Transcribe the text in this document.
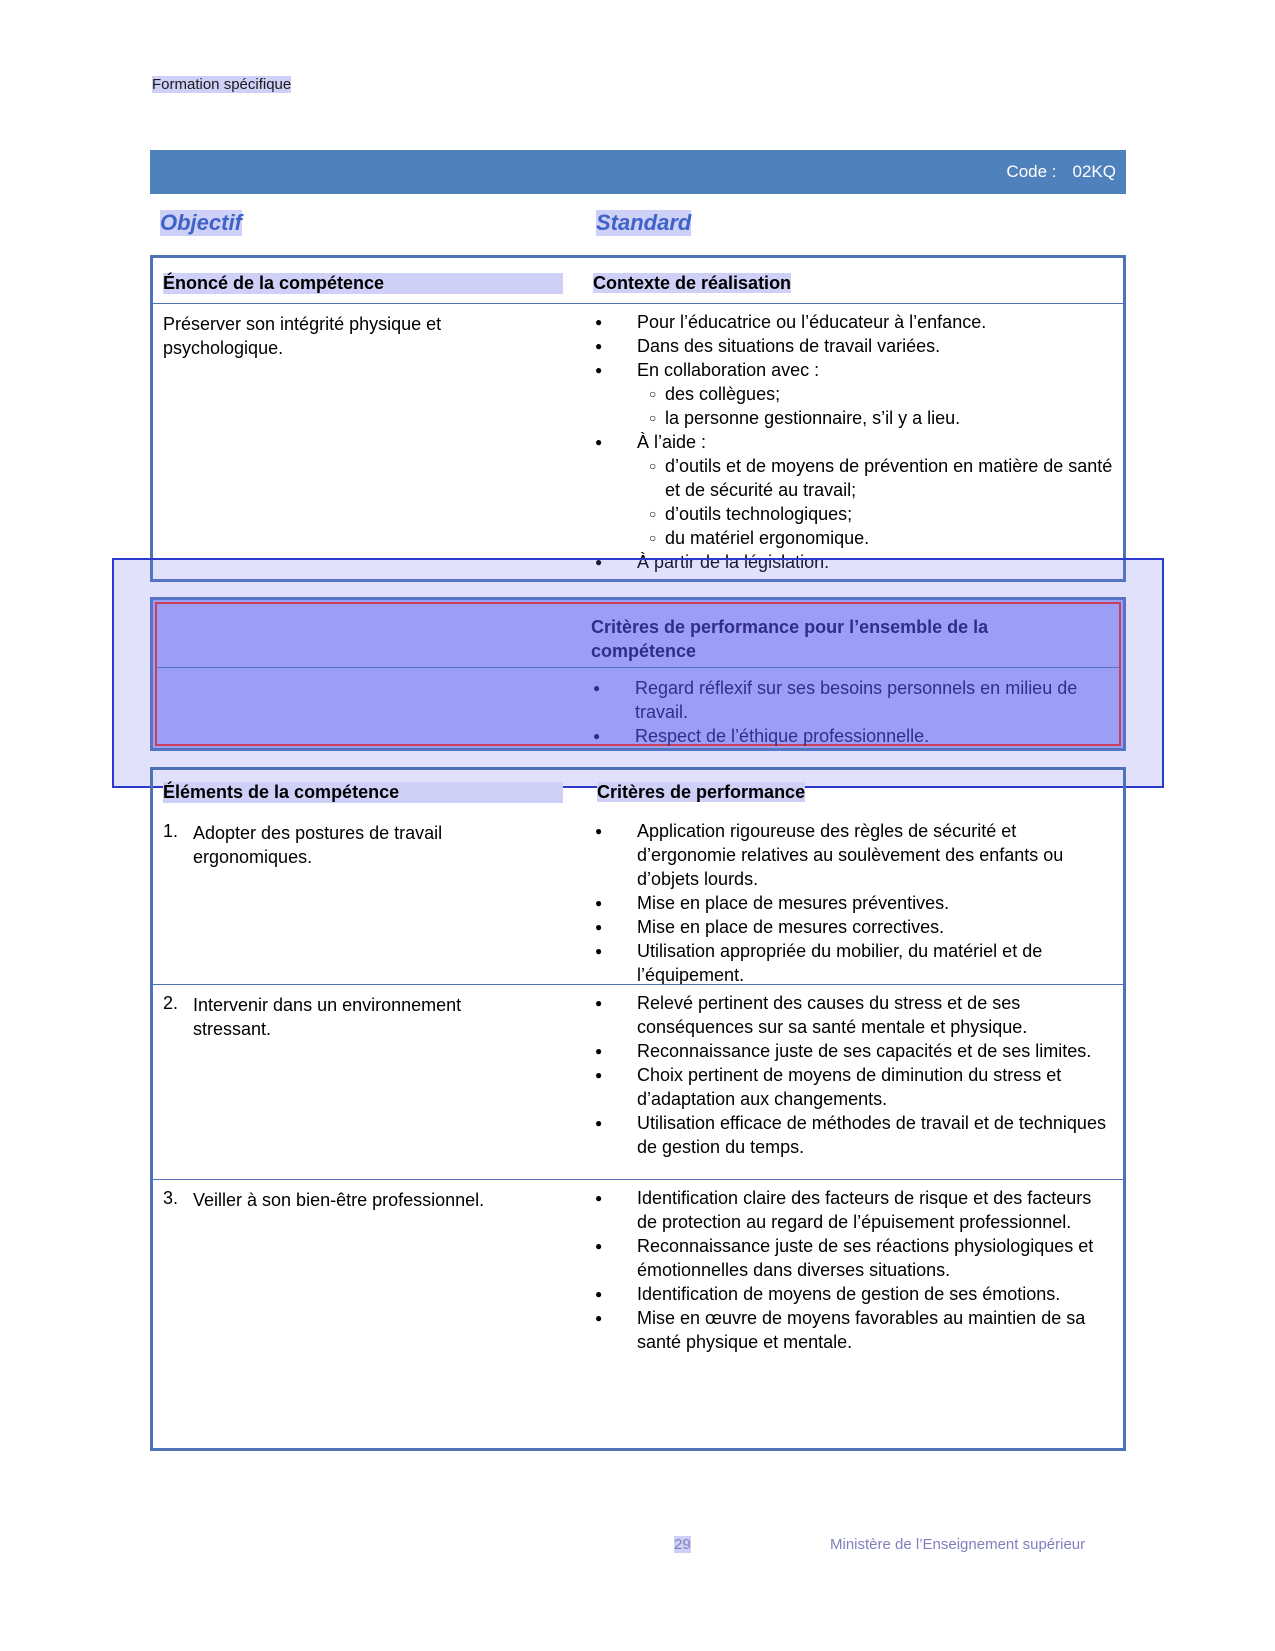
Formation spécifique
Code : 02KQ
Objectif	Standard
Énoncé de la compétence	Contexte de réalisation
Préserver son intégrité physique et psychologique.
● Pour l’éducatrice ou l’éducateur à l’enfance.
● Dans des situations de travail variées.
● En collaboration avec :
○ des collègues;
○ la personne gestionnaire, s’il y a lieu.
● À l’aide :
○ d’outils et de moyens de prévention en matière de santé et de sécurité au travail;
○ d’outils technologiques;
○ du matériel ergonomique.
● À partir de la législation.
Critères de performance pour l’ensemble de la compétence
● Regard réflexif sur ses besoins personnels en milieu de travail.
● Respect de l’éthique professionnelle.
Éléments de la compétence	Critères de performance
1. Adopter des postures de travail ergonomiques.
● Application rigoureuse des règles de sécurité et d’ergonomie relatives au soulèvement des enfants ou d’objets lourds.
● Mise en place de mesures préventives.
● Mise en place de mesures correctives.
● Utilisation appropriée du mobilier, du matériel et de l’équipement.
2. Intervenir dans un environnement stressant.
● Relevé pertinent des causes du stress et de ses conséquences sur sa santé mentale et physique.
● Reconnaissance juste de ses capacités et de ses limites.
● Choix pertinent de moyens de diminution du stress et d’adaptation aux changements.
● Utilisation efficace de méthodes de travail et de techniques de gestion du temps.
3. Veiller à son bien-être professionnel.
●	Identification claire des facteurs de risque et des facteurs de protection au regard de l’épuisement professionnel.
● Reconnaissance juste de ses réactions physiologiques et émotionnelles dans diverses situations.
● Identification de moyens de gestion de ses émotions.
● Mise en œuvre de moyens favorables au maintien de sa santé physique et mentale.
29	Ministère de l’Enseignement supérieur
